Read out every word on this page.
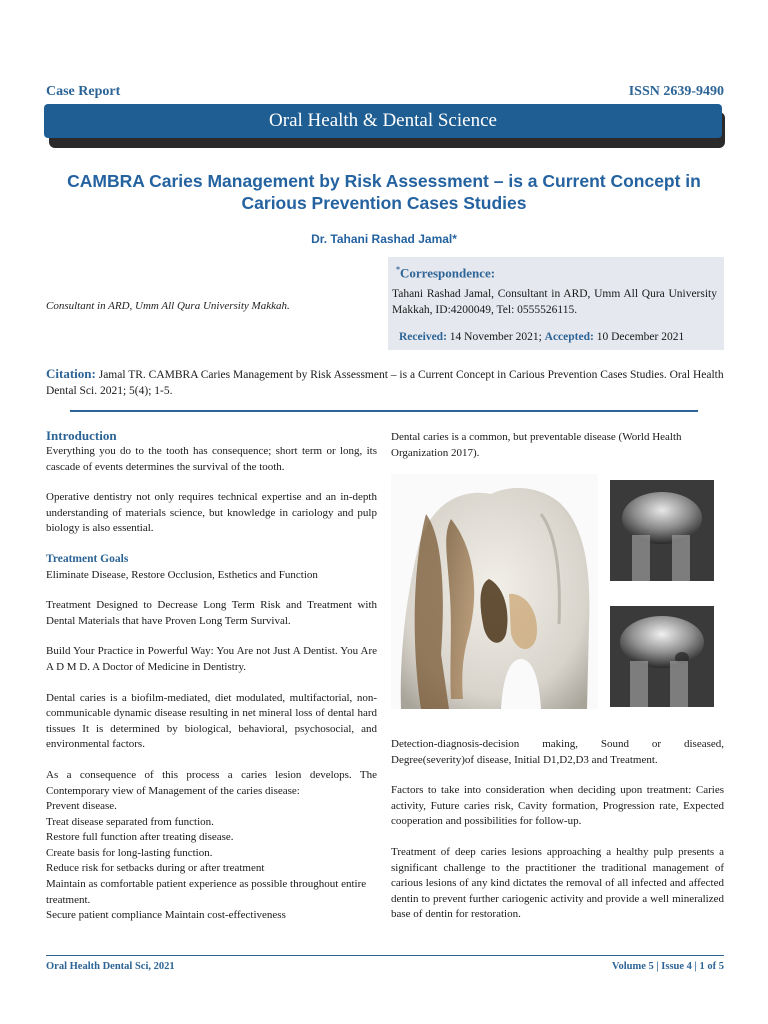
Case Report	ISSN 2639-9490
Oral Health & Dental Science
CAMBRA Caries Management by Risk Assessment – is a Current Concept in Carious Prevention Cases Studies
Dr. Tahani Rashad Jamal*
Consultant in ARD, Umm All Qura University Makkah.
*Correspondence:
Tahani Rashad Jamal, Consultant in ARD, Umm All Qura University Makkah, ID:4200049, Tel: 0555526115.
Received: 14 November 2021; Accepted: 10 December 2021
Citation: Jamal TR. CAMBRA Caries Management by Risk Assessment – is a Current Concept in Carious Prevention Cases Studies. Oral Health Dental Sci. 2021; 5(4); 1-5.

Introduction

Everything you do to the tooth has consequence; short term or long, its cascade of events determines the survival of the tooth.

Operative dentistry not only requires technical expertise and an in-depth understanding of materials science, but knowledge in cariology and pulp biology is also essential.

Treatment Goals

Eliminate Disease, Restore Occlusion, Esthetics and Function

Treatment Designed to Decrease Long Term Risk and Treatment with Dental Materials that have Proven Long Term Survival.

Build Your Practice in Powerful Way: You Are not Just A Dentist. You Are A D M D. A Doctor of Medicine in Dentistry.

Dental caries is a biofilm-mediated, diet modulated, multifactorial, non-communicable dynamic disease resulting in net mineral loss of dental hard tissues It is determined by biological, behavioral, psychosocial, and environmental factors.

As a consequence of this process a caries lesion develops. The Contemporary view of Management of the caries disease:

Prevent disease.

Treat disease separated from function.

Restore full function after treating disease.

Create basis for long-lasting function.

Reduce risk for setbacks during or after treatment

Maintain as comfortable patient experience as possible throughout entire treatment.

Secure patient compliance Maintain cost-effectiveness

Dental caries is a common, but preventable disease (World Health Organization 2017).

Detection-diagnosis-decision making, Sound or diseased, Degree(severity)of disease, Initial D1,D2,D3 and Treatment.

Factors to take into consideration when deciding upon treatment: Caries activity, Future caries risk, Cavity formation, Progression rate, Expected cooperation and possibilities for follow-up.

Treatment of deep caries lesions approaching a healthy pulp presents a significant challenge to the practitioner the traditional management of carious lesions of any kind dictates the removal of all infected and affected dentin to prevent further cariogenic activity and provide a well mineralized base of dentin for restoration.

Oral Health Dental Sci, 2021	Volume 5 | Issue 4 | 1 of 5
